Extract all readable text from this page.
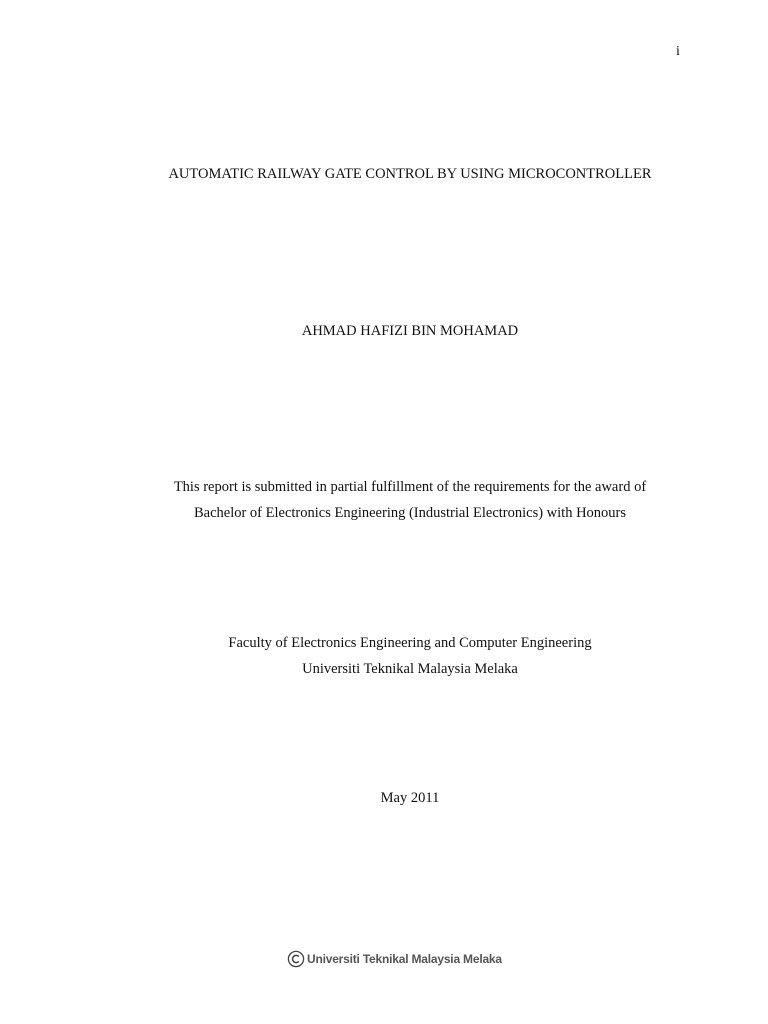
i
AUTOMATIC RAILWAY GATE CONTROL BY USING MICROCONTROLLER
AHMAD HAFIZI BIN MOHAMAD
This report is submitted in partial fulfillment of the requirements for the award of
Bachelor of Electronics Engineering (Industrial Electronics) with Honours
Faculty of Electronics Engineering and Computer Engineering
Universiti Teknikal Malaysia Melaka
May 2011
Universiti Teknikal Malaysia Melaka
